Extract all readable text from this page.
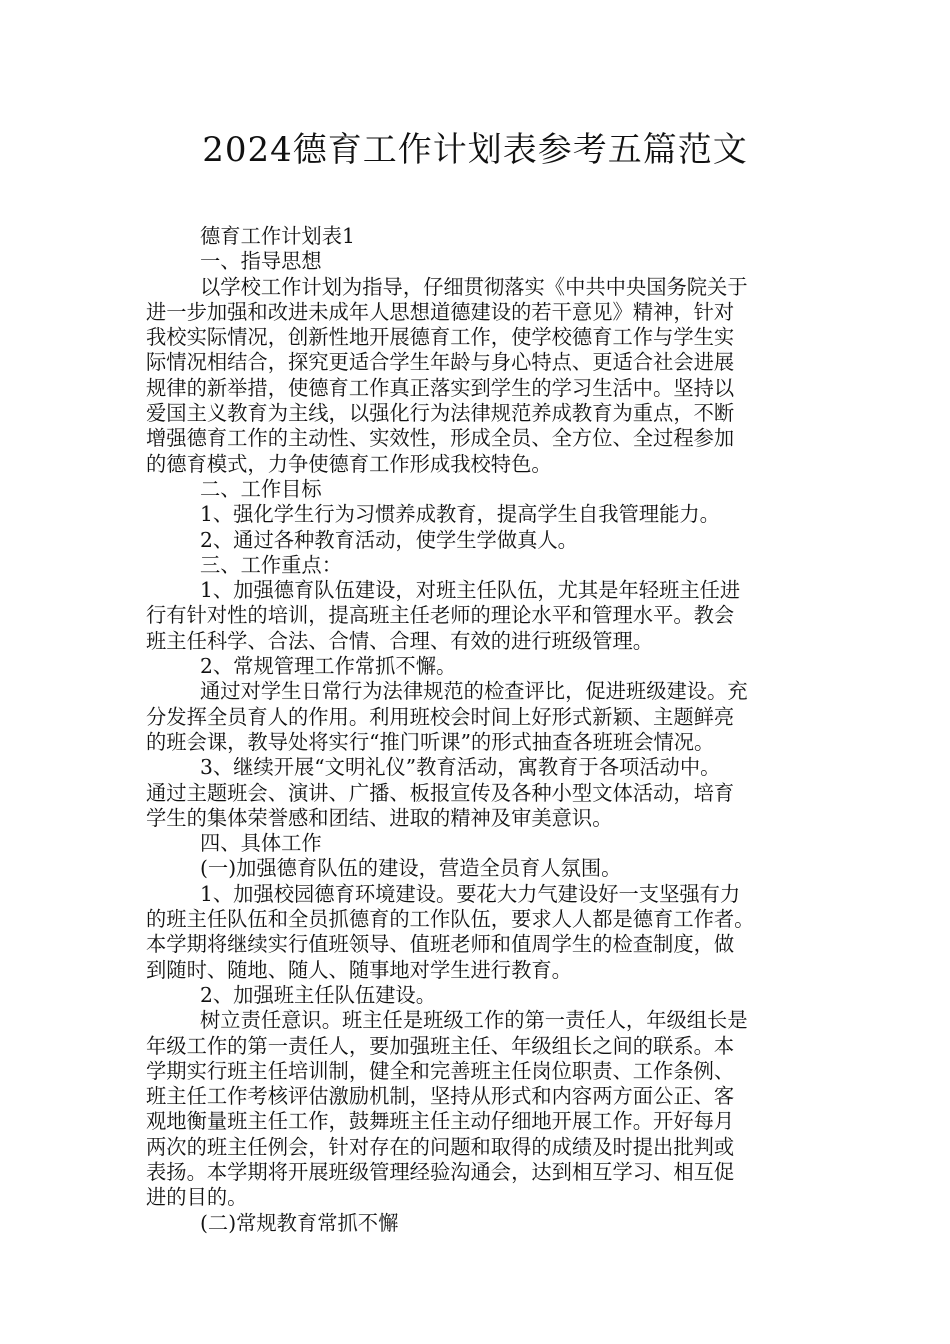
2024德育工作计划表参考五篇范文
德育工作计划表1
一、指导思想
以学校工作计划为指导，仔细贯彻落实《中共中央国务院关于
进一步加强和改进未成年人思想道德建设的若干意见》精神，针对
我校实际情况，创新性地开展德育工作，使学校德育工作与学生实
际情况相结合，探究更适合学生年龄与身心特点、更适合社会进展
规律的新举措，使德育工作真正落实到学生的学习生活中。坚持以
爱国主义教育为主线，以强化行为法律规范养成教育为重点，不断
增强德育工作的主动性、实效性，形成全员、全方位、全过程参加
的德育模式，力争使德育工作形成我校特色。
二、工作目标
1、强化学生行为习惯养成教育，提高学生自我管理能力。
2、通过各种教育活动，使学生学做真人。
三、工作重点：
1、加强德育队伍建设，对班主任队伍，尤其是年轻班主任进
行有针对性的培训，提高班主任老师的理论水平和管理水平。教会
班主任科学、合法、合情、合理、有效的进行班级管理。
2、常规管理工作常抓不懈。
通过对学生日常行为法律规范的检查评比，促进班级建设。充
分发挥全员育人的作用。利用班校会时间上好形式新颖、主题鲜亮
的班会课，教导处将实行“推门听课”的形式抽查各班班会情况。
3、继续开展“文明礼仪”教育活动，寓教育于各项活动中。
通过主题班会、演讲、广播、板报宣传及各种小型文体活动，培育
学生的集体荣誉感和团结、进取的精神及审美意识。
四、具体工作
(一)加强德育队伍的建设，营造全员育人氛围。
1、加强校园德育环境建设。要花大力气建设好一支坚强有力
的班主任队伍和全员抓德育的工作队伍，要求人人都是德育工作者。
本学期将继续实行值班领导、值班老师和值周学生的检查制度，做
到随时、随地、随人、随事地对学生进行教育。
2、加强班主任队伍建设。
树立责任意识。班主任是班级工作的第一责任人，年级组长是
年级工作的第一责任人，要加强班主任、年级组长之间的联系。本
学期实行班主任培训制，健全和完善班主任岗位职责、工作条例、
班主任工作考核评估激励机制，坚持从形式和内容两方面公正、客
观地衡量班主任工作，鼓舞班主任主动仔细地开展工作。开好每月
两次的班主任例会，针对存在的问题和取得的成绩及时提出批判或
表扬。本学期将开展班级管理经验沟通会，达到相互学习、相互促
进的目的。
(二)常规教育常抓不懈
